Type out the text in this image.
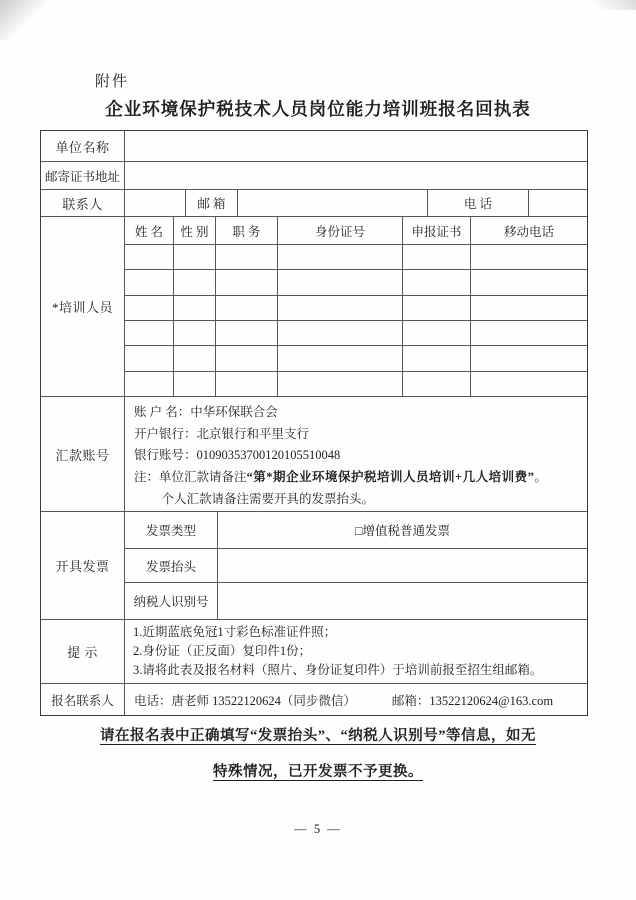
附件
企业环境保护税技术人员岗位能力培训班报名回执表
单位名称
邮寄证书地址
联系人	邮 箱	电 话
*培训人员
姓 名	性 别	职 务	身份证号	申报证书	移动电话
汇款账号
账 户 名：中华环保联合会
开户银行：北京银行和平里支行
银行账号：01090353700120105510048
注：单位汇款请备注“第*期企业环境保护税培训人员培训+几人培训费”。
个人汇款请备注需要开具的发票抬头。
开具发票
发票类型	□增值税普通发票
发票抬头
纳税人识别号
提 示
1.近期蓝底免冠1寸彩色标准证件照；
2.身份证（正反面）复印件1份；
3.请将此表及报名材料（照片、身份证复印件）于培训前报至招生组邮箱。
报名联系人	电话：唐老师 13522120624（同步微信）	邮箱：13522120624@163.com
请在报名表中正确填写“发票抬头”、“纳税人识别号”等信息，如无
特殊情况，已开发票不予更换。
— 5 —
